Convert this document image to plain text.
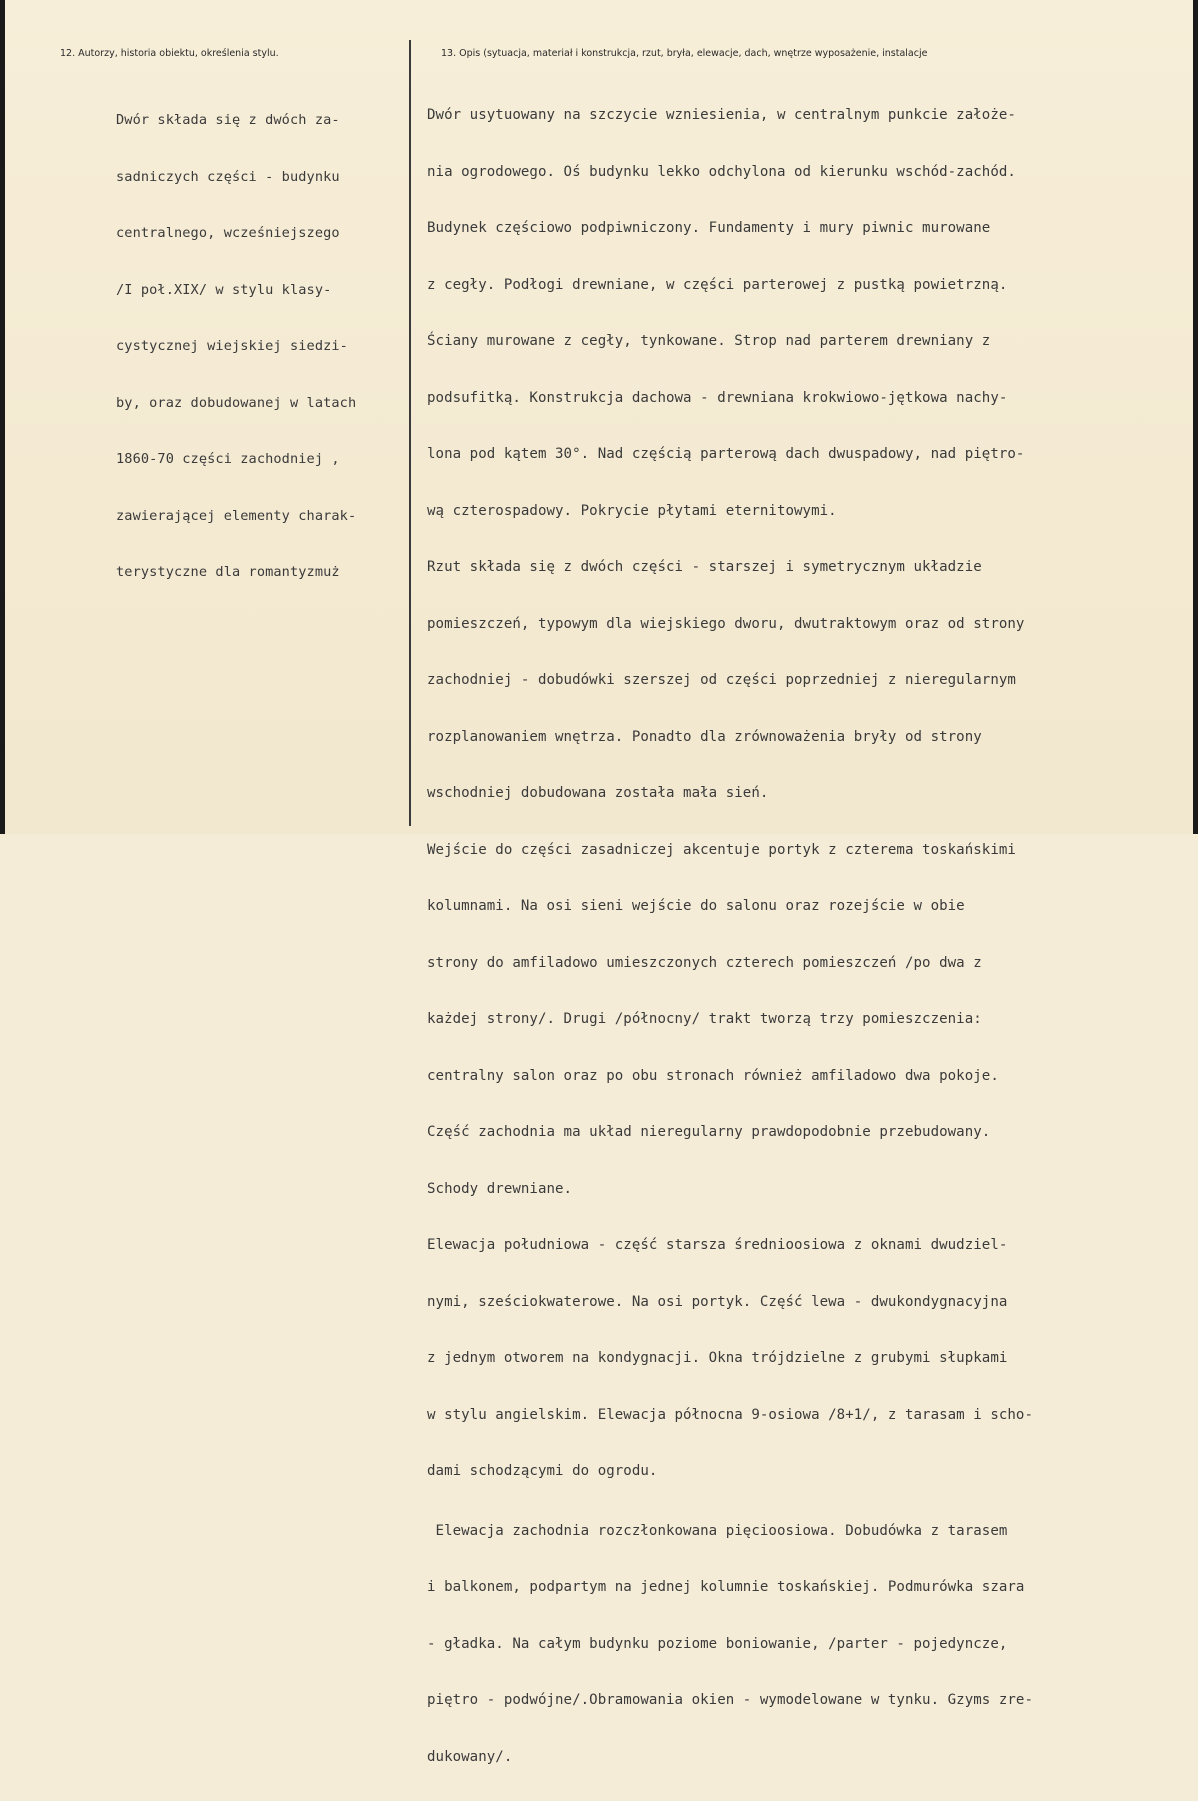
12. Autorzy, historia obiektu, określenia stylu.	13. Opis (sytuacja, materiał i konstrukcja, rzut, bryła, elewacje, dach, wnętrze wyposażenie, instalacje

Dwór składa się z dwóch za-

sadniczych części - budynku

centralnego, wcześniejszego

/I poł.XIX/ w stylu klasy-

cystycznej wiejskiej siedzi-

by, oraz dobudowanej w latach

1860-70 części zachodniej ,

zawierającej elementy charak-

terystyczne dla romantyzmuż

Dwór usytuowany na szczycie wzniesienia, w centralnym punkcie założe-

nia ogrodowego. Oś budynku lekko odchylona od kierunku wschód-zachód.

Budynek częściowo podpiwniczony. Fundamenty i mury piwnic murowane

z cegły. Podłogi drewniane, w części parterowej z pustką powietrzną.

Ściany murowane z cegły, tynkowane. Strop nad parterem drewniany z

podsufitką. Konstrukcja dachowa - drewniana krokwiowo-jętkowa nachy-

lona pod kątem 30°. Nad częścią parterową dach dwuspadowy, nad piętro-

wą czterospadowy. Pokrycie płytami eternitowymi.

Rzut składa się z dwóch części - starszej i symetrycznym układzie

pomieszczeń, typowym dla wiejskiego dworu, dwutraktowym oraz od strony

zachodniej - dobudówki szerszej od części poprzedniej z nieregularnym

rozplanowaniem wnętrza. Ponadto dla zrównoważenia bryły od strony

wschodniej dobudowana została mała sień.

Wejście do części zasadniczej akcentuje portyk z czterema toskańskimi

kolumnami. Na osi sieni wejście do salonu oraz rozejście w obie

strony do amfiladowo umieszczonych czterech pomieszczeń /po dwa z

każdej strony/. Drugi /północny/ trakt tworzą trzy pomieszczenia:

centralny salon oraz po obu stronach również amfiladowo dwa pokoje.

Część zachodnia ma układ nieregularny prawdopodobnie przebudowany.

Schody drewniane.

Elewacja południowa - część starsza średnioosiowa z oknami dwudziel-

nymi, sześciokwaterowe. Na osi portyk. Część lewa - dwukondygnacyjna

z jednym otworem na kondygnacji. Okna trójdzielne z grubymi słupkami

w stylu angielskim. Elewacja północna 9-osiowa /8+1/, z tarasam i scho-

dami schodzącymi do ogrodu.

Elewacja zachodnia rozczłonkowana pięcioosiowa. Dobudówka z tarasem

i balkonem, podpartym na jednej kolumnie toskańskiej. Podmurówka szara

- gładka. Na całym budynku poziome boniowanie, /parter - pojedyncze,

piętro - podwójne/.Obramowania okien - wymodelowane w tynku. Gzyms zre-

dukowany/.
